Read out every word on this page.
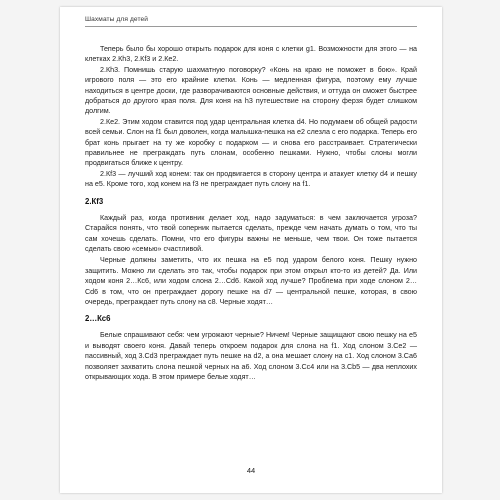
Шахматы для детей

Теперь было бы хорошо открыть подарок для коня с клетки g1. Возможности для этого — на клетках 2.Кh3, 2.Кf3 и 2.Ке2.

2.Кh3. Помнишь старую шахматную поговорку? «Конь на краю не поможет в бою». Край игрового поля — это его крайние клетки. Конь — медленная фигура, поэтому ему лучше находиться в центре доски, где разворачиваются основные действия, и оттуда он сможет быстрее добраться до другого края поля. Для коня на h3 путешествие на сторону ферзя будет слишком долгим.

2.Ке2. Этим ходом ставится под удар центральная клетка d4. Но подумаем об общей радости всей семьи. Слон на f1 был доволен, когда малышка-пешка на е2 слезла с его подарка. Теперь его брат конь прыгает на ту же коробку с подарком — и снова его расстраивает. Стратегически правильнее не преграждать путь слонам, особенно пешками. Нужно, чтобы слоны могли продвигаться ближе к центру.

2.Кf3 — лучший ход конем: так он продвигается в сторону центра и атакует клетку d4 и пешку на е5. Кроме того, ход конем на f3 не преграждает путь слону на f1.

2.Кf3

Каждый раз, когда противник делает ход, надо задуматься: в чем заключается угроза? Старайся понять, что твой соперник пытается сделать, прежде чем начать думать о том, что ты сам хочешь сделать. Помни, что его фигуры важны не меньше, чем твои. Он тоже пытается сделать свою «семью» счастливой.

Черные должны заметить, что их пешка на е5 под ударом белого коня. Пешку нужно защитить. Можно ли сделать это так, чтобы подарок при этом открыл кто-то из детей? Да. Или ходом коня 2…Кс6, или ходом слона 2…Сd6. Какой ход лучше? Проблема при ходе слоном 2…Сd6 в том, что он преграждает дорогу пешке на d7 — центральной пешке, которая, в свою очередь, преграждает путь слону на с8. Черные ходят…

2…Кс6

Белые спрашивают себя: чем угрожают черные? Ничем! Черные защищают свою пешку на е5 и выводят своего коня. Давай теперь откроем подарок для слона на f1. Ход слоном 3.Се2 — пассивный, ход 3.Сd3 преграждает путь пешке на d2, а она мешает слону на с1. Ход слоном 3.Са6 позволяет захватить слона пешкой черных на а6. Ход слоном 3.Сс4 или на 3.Сb5 — два неплохих открывающих хода. В этом примере белые ходят…

44
